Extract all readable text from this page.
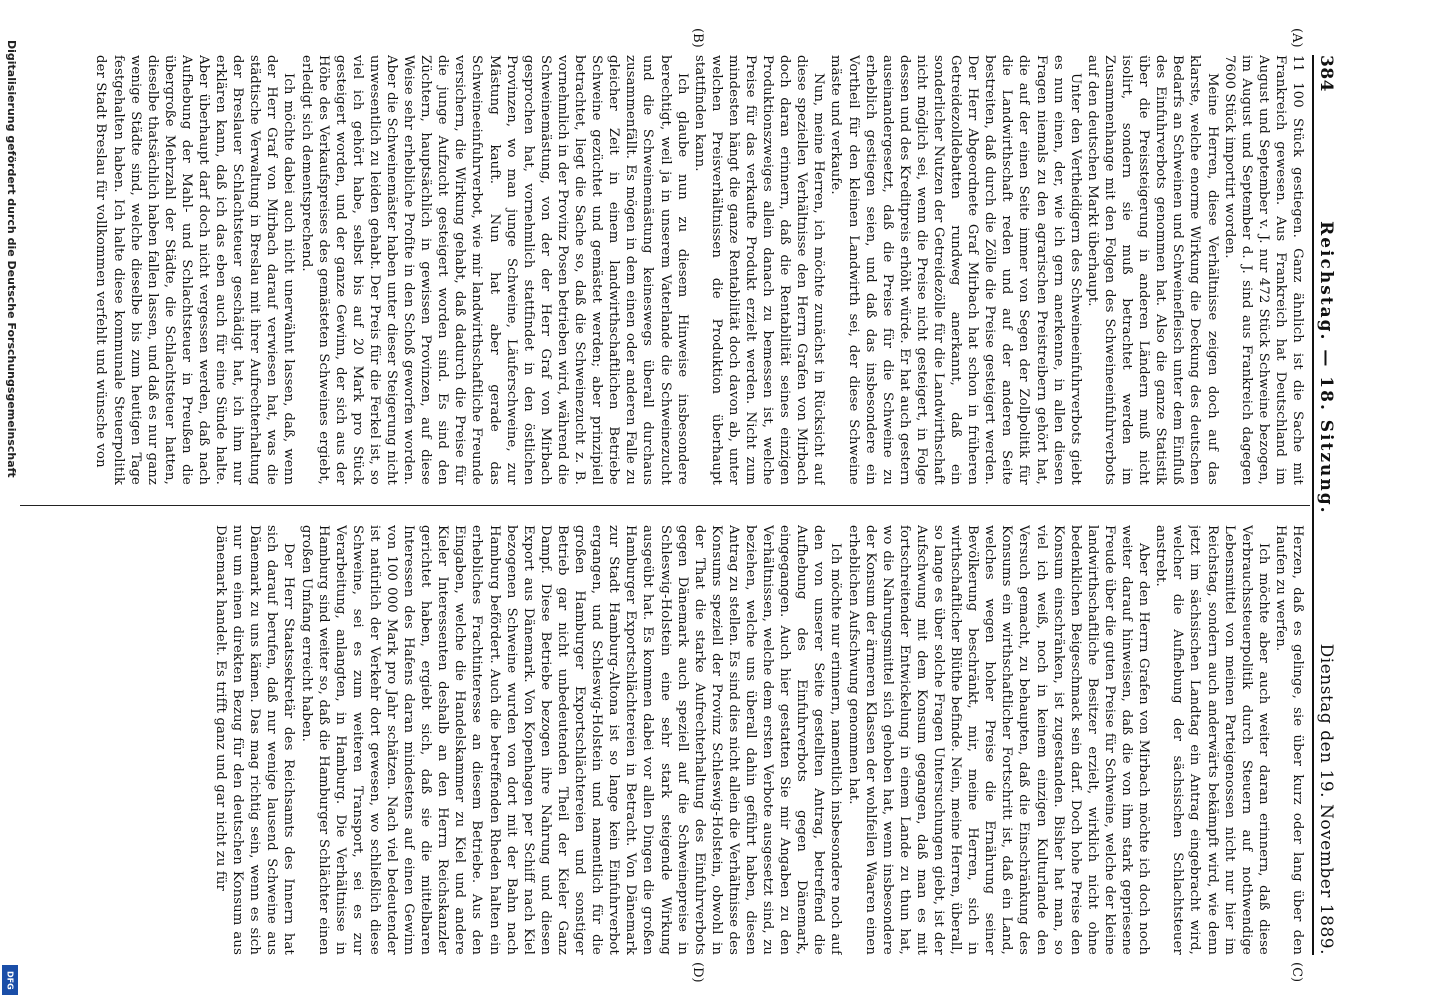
384
Reichstag. — 18. Sitzung.
Dienstag den 19. November 1889.
(A)
(B)
(C)
(D)

11 100 Stück gestiegen. Ganz ähnlich ist die Sache mit Frankreich gewesen. Aus Frankreich hat Deutschland im August und September v. J. nur 472 Stück Schweine bezogen, im August und September d. J. sind aus Frankreich dagegen 7600 Stück importirt worden.

Meine Herren, diese Verhältnisse zeigen doch auf das klarste, welche enorme Wirkung die Deckung des deutschen Bedarfs an Schweinen und Schweinefleisch unter dem Einfluß des Einfuhrverbots genommen hat. Also die ganze Statistik über die Preissteigerung in anderen Ländern muß nicht isolirt, sondern sie muß betrachtet werden im Zusammenhange mit den Folgen des Schweineeinfuhrverbots auf den deutschen Markt überhaupt.

Unter den Vertheidigern des Schweineeinfuhrverbots giebt es nun einen, der, wie ich gern anerkenne, in allen diesen Fragen niemals zu den agrarischen Preistreibern gehört hat, die auf der einen Seite immer von Segen der Zollpolitik für die Landwirthschaft reden und auf der anderen Seite bestreiten, daß durch die Zölle die Preise gesteigert werden. Der Herr Abgeordnete Graf Mirbach hat schon in früheren Getreidezolldebatten rundweg anerkannt, daß ein sonderlicher Nutzen der Getreidezölle für die Landwirthschaft nicht möglich sei, wenn die Preise nicht gesteigert, in Folge dessen und des Kreditpreis erhöht würde. Er hat auch gestern auseinandergesetzt, daß die Preise für die Schweine zu erheblich gestiegen seien, und daß das insbesondere ein Vortheil für den kleinen Landwirth sei, der diese Schweine mäste und verkaufe.

Nun, meine Herren, ich möchte zunächst in Rücksicht auf diese speziellen Verhältnisse den Herrn Grafen von Mirbach doch daran erinnern, daß die Rentabilität seines einzigen Produktionszweiges allein danach zu bemessen ist, welche Preise für das verkaufte Produkt erzielt werden. Nicht zum mindesten hängt die ganze Rentabilität doch davon ab, unter welchen Preisverhältnissen die Produktion überhaupt stattfinden kann.

Ich glaube nun zu diesem Hinweise insbesondere berechtigt, weil ja in unserem Vaterlande die Schweinezucht und die Schweinemästung keineswegs überall durchaus zusammenfällt. Es mögen in dem einen oder anderen Falle zu gleicher Zeit in einem landwirthschaftlichen Betriebe Schweine gezüchtet und gemästet werden; aber prinzipiell betrachtet, liegt die Sache so, daß die Schweinezucht z. B. vornehmlich in der Provinz Posen betrieben wird, während die Schweinemästung, von der der Herr Graf von Mirbach gesprochen hat, vornehmlich stattfindet in den östlichen Provinzen, wo man junge Schweine, Läuferschweine, zur Mästung kauft. Nun hat aber gerade das Schweineeinfuhrverbot, wie mir landwirthschaftliche Freunde versichern, die Wirkung gehabt, daß dadurch die Preise für die junge Aufzucht gesteigert worden sind. Es sind den Züchtern, hauptsächlich in gewissen Provinzen, auf diese Weise sehr erhebliche Profite in den Schoß geworfen worden. Aber die Schweinemäster haben unter dieser Steigerung nicht unwesentlich zu leiden gehabt. Der Preis für die Ferkel ist, so viel ich gehört habe, selbst bis auf 20 Mark pro Stück gesteigert worden, und der ganze Gewinn, der sich aus der Höhe des Verkaufspreises des gemästeten Schweines ergiebt, erledigt sich dementsprechend.

Ich möchte dabei auch nicht unerwähnt lassen, daß, wenn der Herr Graf von Mirbach darauf verwiesen hat, was die städtische Verwaltung in Breslau mit ihrer Aufrechterhaltung der Breslauer Schlachtsteuer geschädigt hat, ich ihm nur erklären kann, daß ich das eben auch für eine Sünde halte. Aber überhaupt darf doch nicht vergessen werden, daß nach Aufhebung der Mahl- und Schlachtsteuer in Preußen die übergroße Mehrzahl der Städte, die Schlachtsteuer hatten, dieselbe thatsächlich haben fallen lassen, und daß es nur ganz wenige Städte sind, welche dieselbe bis zum heutigen Tage festgehalten haben. Ich halte diese kommunale Steuerpolitik der Stadt Breslau für vollkommen verfehlt und wünsche von

Herzen, daß es gelinge, sie über kurz oder lang über den Haufen zu werfen.

Ich möchte aber auch weiter daran erinnern, daß diese Verbrauchssteuerpolitik durch Steuern auf nothwendige Lebensmittel von meinen Parteigenossen nicht nur hier im Reichstag, sondern auch anderwärts bekämpft wird, wie denn jetzt im sächsischen Landtag ein Antrag eingebracht wird, welcher die Aufhebung der sächsischen Schlachtsteuer anstrebt.

Aber den Herrn Grafen von Mirbach möchte ich doch noch weiter darauf hinweisen, daß die von ihm stark gepriesene Freude über die guten Preise für Schweine, welche der kleine landwirthschaftliche Besitzer erzielt, wirklich nicht ohne bedenklichen Beigeschmack sein darf. Doch hohe Preise den Konsum einschränken, ist zugestanden. Bisher hat man, so viel ich weiß, noch in keinem einzigen Kulturlande den Versuch gemacht, zu behaupten, daß die Einschränkung des Konsums ein wirthschaftlicher Fortschritt ist, daß ein Land, welches wegen hoher Preise die Ernährung seiner Bevölkerung beschränkt, mir, meine Herren, sich in wirthschaftlicher Blüthe befinde. Nein, meine Herren, überall, so lange es über solche Fragen Untersuchungen giebt, ist der Aufschwung mit dem Konsum gegangen, daß man es mit fortschreitender Entwickelung in einem Lande zu thun hat, wo die Nahrungsmittel sich gehoben hat, wenn insbesondere der Konsum der ärmeren Klassen der wohlfeilen Waaren einen erheblichen Aufschwung genommen hat.

Ich möchte nur erinnern, namentlich insbesondere noch auf den von unserer Seite gestellten Antrag, betreffend die Aufhebung des Einfuhrverbots gegen Dänemark, eingegangen. Auch hier gestatten Sie mir Angaben zu den Verhältnissen, welche dem ersten Verbote ausgesetzt sind, zu beziehen, welche uns überall dahin geführt haben, diesen Antrag zu stellen. Es sind dies nicht allein die Verhältnisse des Konsums speziell der Provinz Schleswig-Holstein, obwohl in der That die starke Aufrechterhaltung des Einfuhrverbots gegen Dänemark auch speziell auf die Schweinepreise in Schleswig-Holstein eine sehr stark steigende Wirkung ausgeübt hat. Es kommen dabei vor allen Dingen die großen Hamburger Exportschlächtereien in Betracht. Von Dänemark zur Stadt Hamburg-Altona ist so lange kein Einfuhrverbot ergangen, und Schleswig-Holstein und namentlich für die großen Hamburger Exportschlächtereien und sonstiger Betrieb gar nicht unbedeutenden Theil der Kieler Ganz Dampf. Diese Betriebe bezogen ihre Nahrung und diesen Export aus Dänemark. Von Kopenhagen per Schiff nach Kiel bezogenen Schweine wurden von dort mit der Bahn nach Hamburg befördert. Auch die betreffenden Rheden halten ein erhebliches Frachtinteresse an diesem Betriebe. Aus den Eingaben, welche die Handelskammer zu Kiel und andere Kieler Interessenten deshalb an den Herrn Reichskanzler gerichtet haben, ergiebt sich, daß sie die mittelbaren Interessen des Hafens daran mindestens auf einen Gewinn von 100 000 Mark pro Jahr schätzen. Nach viel bedeutender ist natürlich der Verkehr dort gewesen, wo schließlich diese Schweine, sei es zum weiteren Transport, sei es zur Verarbeitung, anlangten, in Hamburg. Die Verhältnisse in Hamburg sind weiter so, daß die Hamburger Schlächter einen großen Umfang erreicht haben.

Der Herr Staatssekretär des Reichsamts des Innern hat sich darauf berufen, daß nur wenige lausend Schweine aus Dänemark zu uns kämen. Das mag richtig sein, wenn es sich nur um einen direkten Bezug für den deutschen Konsum aus Dänemark handelt. Es trifft ganz und gar nicht zu für

Digitalisierung gefördert durch die Deutsche Forschungsgemeinschaft
DFG
